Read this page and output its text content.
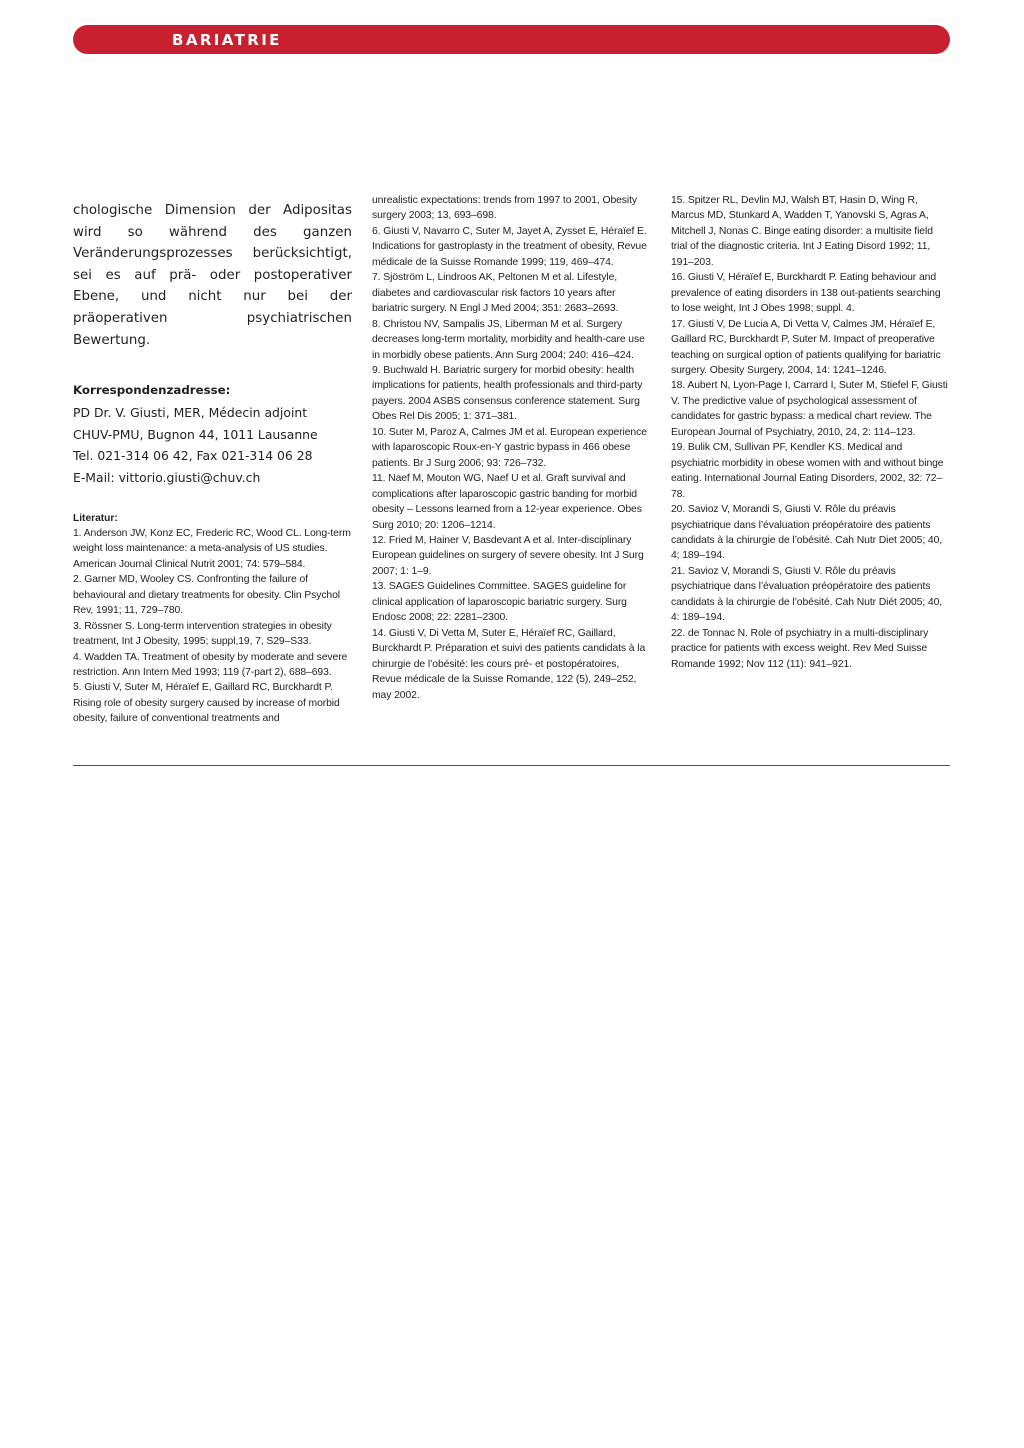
BARIATRIE

chologische Dimension der Adipositas wird so während des ganzen Veränderungsprozesses berücksichtigt, sei es auf prä- oder postoperativer Ebene, und nicht nur bei der präoperativen psychiatrischen Bewertung.

Korrespondenzadresse:
PD Dr. V. Giusti, MER, Médecin adjoint
CHUV-PMU, Bugnon 44, 1011 Lausanne
Tel. 021-314 06 42, Fax 021-314 06 28
E-Mail: vittorio.giusti@chuv.ch
Literatur:

1. Anderson JW, Konz EC, Frederic RC, Wood CL. Long-term weight loss maintenance: a meta-analysis of US studies. American Journal Clinical Nutrit 2001; 74: 579–584.

2. Garner MD, Wooley CS. Confronting the failure of behavioural and dietary treatments for obesity. Clin Psychol Rev, 1991; 11, 729–780.

3. Rössner S. Long-term intervention strategies in obesity treatment, Int J Obesity, 1995; suppl,19, 7, S29–S33.

4. Wadden TA. Treatment of obesity by moderate and severe restriction. Ann Intern Med 1993; 119 (7-part 2), 688–693.

5. Giusti V, Suter M, Héraïef E, Gaillard RC, Burckhardt P. Rising role of obesity surgery caused by increase of morbid obesity, failure of conventional treatments and

unrealistic expectations: trends from 1997 to 2001, Obesity surgery 2003; 13, 693–698.

6. Giusti V, Navarro C, Suter M, Jayet A, Zysset E, Héraïef E. Indications for gastroplasty in the treatment of obesity, Revue médicale de la Suisse Romande 1999; 119, 469–474.

7. Sjöström L, Lindroos AK, Peltonen M et al. Lifestyle, diabetes and cardiovascular risk factors 10 years after bariatric surgery. N Engl J Med 2004; 351: 2683–2693.

8. Christou NV, Sampalis JS, Liberman M et al. Surgery decreases long-term mortality, morbidity and health-care use in morbidly obese patients. Ann Surg 2004; 240: 416–424.

9. Buchwald H. Bariatric surgery for morbid obesity: health implications for patients, health professionals and third-party payers. 2004 ASBS consensus conference statement. Surg Obes Rel Dis 2005; 1: 371–381.

10. Suter M, Paroz A, Calmes JM et al. European experience with laparoscopic Roux-en-Y gastric bypass in 466 obese patients. Br J Surg 2006; 93: 726–732.

11. Naef M, Mouton WG, Naef U et al. Graft survival and complications after laparoscopic gastric banding for morbid obesity – Lessons learned from a 12-year experience. Obes Surg 2010; 20: 1206–1214.

12. Fried M, Hainer V, Basdevant A et al. Inter-disciplinary European guidelines on surgery of severe obesity. Int J Surg 2007; 1: 1–9.

13. SAGES Guidelines Committee. SAGES guideline for clinical application of laparoscopic bariatric surgery. Surg Endosc 2008; 22: 2281–2300.

14. Giusti V, Di Vetta M, Suter E, Héraïef RC, Gaillard, Burckhardt P. Préparation et suivi des patients candidats à la chirurgie de l’obésité: les cours pré- et postopératoires, Revue médicale de la Suisse Romande, 122 (5), 249–252, may 2002.

15. Spitzer RL, Devlin MJ, Walsh BT, Hasin D, Wing R, Marcus MD, Stunkard A, Wadden T, Yanovski S, Agras A, Mitchell J, Nonas C. Binge eating disorder: a multisite field trial of the diagnostic criteria. Int J Eating Disord 1992; 11, 191–203.

16. Giusti V, Héraïef E, Burckhardt P. Eating behaviour and prevalence of eating disorders in 138 out-patients searching to lose weight, Int J Obes 1998; suppl. 4.

17. Giusti V, De Lucia A, Di Vetta V, Calmes JM, Héraïef E, Gaillard RC, Burckhardt P, Suter M. Impact of preoperative teaching on surgical option of patients qualifying for bariatric surgery. Obesity Surgery, 2004, 14: 1241–1246.

18. Aubert N, Lyon-Page I, Carrard I, Suter M, Stiefel F, Giusti V. The predictive value of psychological assessment of candidates for gastric bypass: a medical chart review. The European Journal of Psychiatry, 2010, 24, 2: 114–123.

19. Bulik CM, Sullivan PF, Kendler KS. Medical and psychiatric morbidity in obese women with and without binge eating. International Journal Eating Disorders, 2002, 32: 72–78.

20. Savioz V, Morandi S, Giusti V. Rôle du préavis psychiatrique dans l’évaluation préopératoire des patients candidats à la chirurgie de l’obésité. Cah Nutr Diet 2005; 40, 4; 189–194.

21. Savioz V, Morandi S, Giusti V. Rôle du préavis psychiatrique dans l’évaluation préopératoire des patients candidats à la chirurgie de l’obésité. Cah Nutr Diét 2005; 40, 4: 189–194.

22. de Tonnac N. Role of psychiatry in a multi-disciplinary practice for patients with excess weight. Rev Med Suisse Romande 1992; Nov 112 (11): 941–921.
